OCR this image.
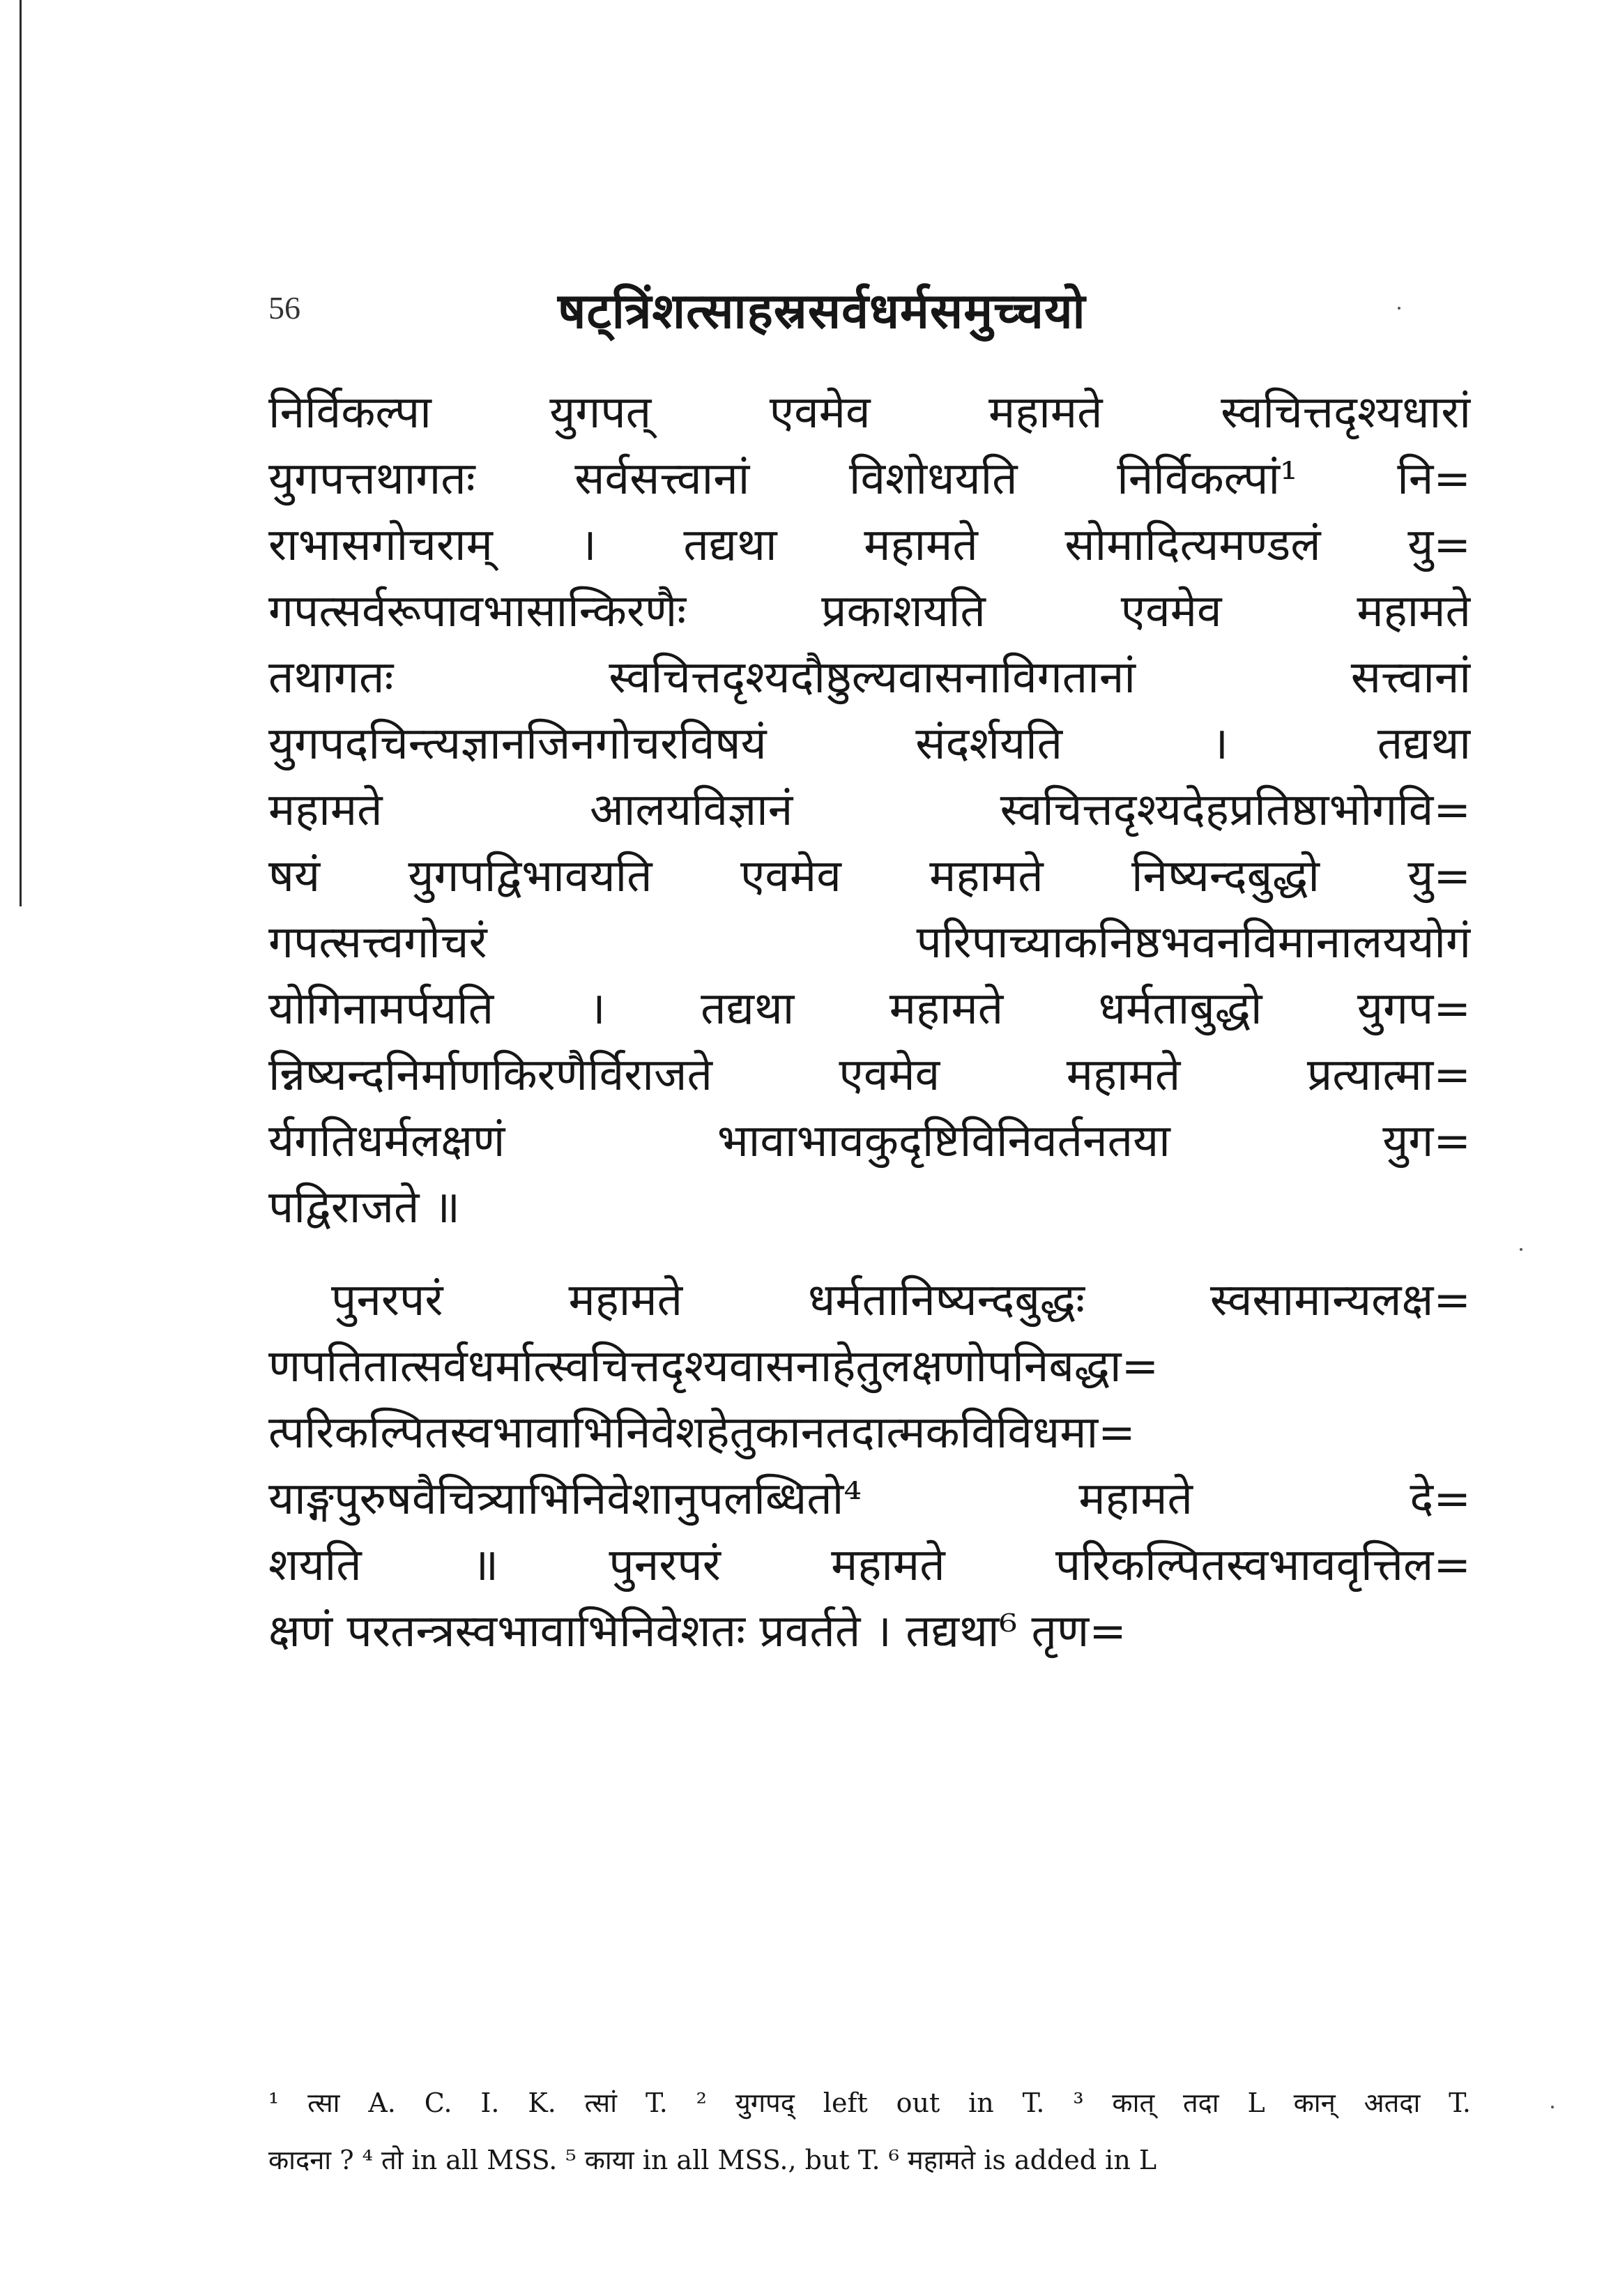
56	षट्त्रिंशत्साहस्रसर्वधर्मसमुच्चयो
निर्विकल्पा युगपत् एवमेव महामते स्वचित्तदृश्यधारां
युगपत्तथागतः सर्वसत्त्वानां विशोधयति निर्विकल्पां¹ नि=
राभासगोचराम् । तद्यथा महामते सोमादित्यमण्डलं यु=
गपत्सर्वरूपावभासान्किरणैः प्रकाशयति एवमेव महामते
तथागतः स्वचित्तदृश्यदौष्ठुल्यवासनाविगतानां सत्त्वानां
युगपदचिन्त्यज्ञानजिनगोचरविषयं संदर्शयति । तद्यथा
महामते आलयविज्ञानं स्वचित्तदृश्यदेहप्रतिष्ठाभोगवि=
षयं युगपद्विभावयति एवमेव महामते निष्यन्दबुद्धो यु=
गपत्सत्त्वगोचरं परिपाच्याकनिष्ठभवनविमानालययोगं
योगिनामर्पयति । तद्यथा महामते धर्मताबुद्धो युगप=
न्निष्यन्दनिर्माणकिरणैर्विराजते एवमेव महामते प्रत्यात्मा=
र्यगतिधर्मलक्षणं भावाभावकुदृष्टिविनिवर्तनतया युग=
पद्विराजते ॥
पुनरपरं महामते धर्मतानिष्यन्दबुद्धः स्वसामान्यलक्ष=
णपतितात्सर्वधर्मात्स्वचित्तदृश्यवासनाहेतुलक्षणोपनिबद्धा=
त्परिकल्पितस्वभावाभिनिवेशहेतुकानतदात्मकविविधमा=
याङ्गपुरुषवैचित्र्याभिनिवेशानुपलब्धितो⁴ महामते दे=
शयति ॥ पुनरपरं महामते परिकल्पितस्वभाववृत्तिल=
क्षणं परतन्त्रस्वभावाभिनिवेशतः प्रवर्तते । तद्यथा⁶ तृण=
¹ त्सा A. C. I. K. त्सां T. ² युगपद् left out in T. ³ कात् तदा L कान् अतदा T.
कादना ? ⁴ तो in all MSS. ⁵ काया in all MSS., but T. ⁶ महामते is added in L
